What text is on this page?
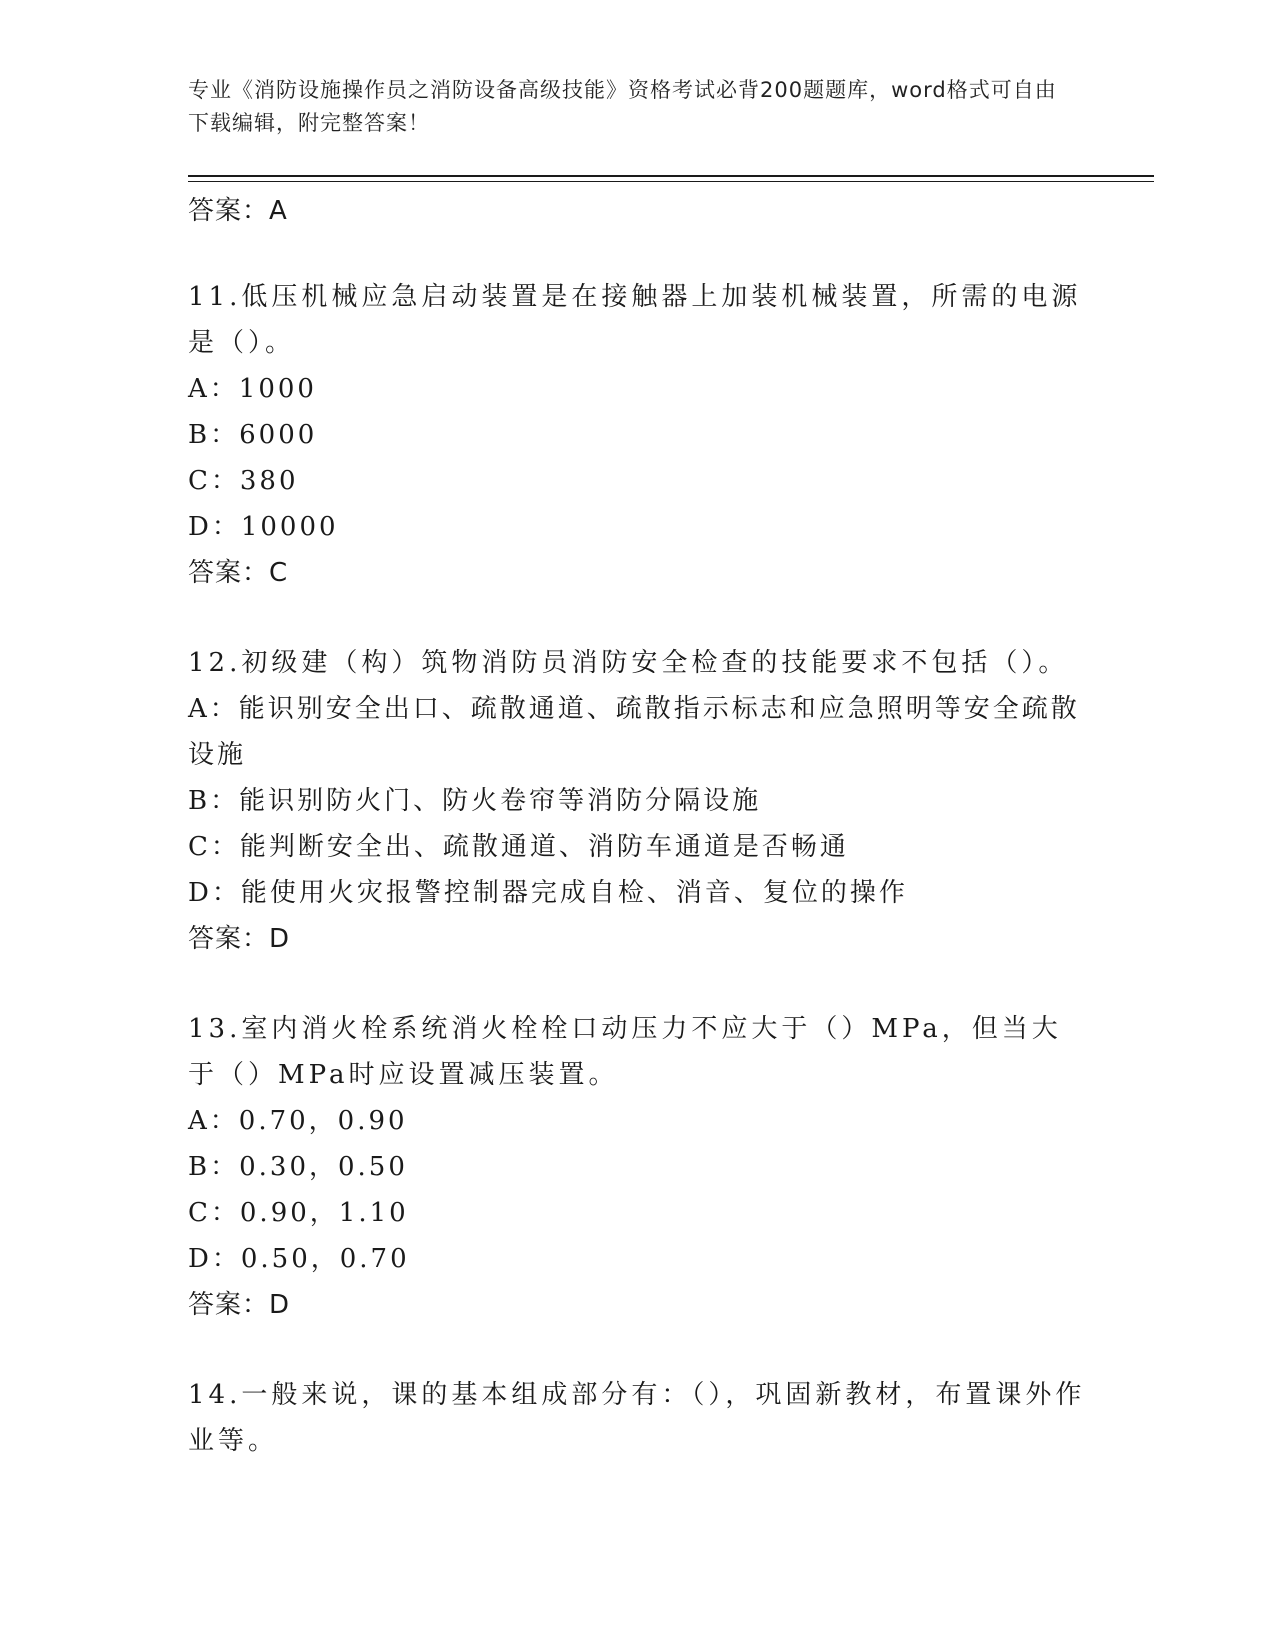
专业《消防设施操作员之消防设备高级技能》资格考试必背200题题库，word格式可自由下载编辑，附完整答案！
答案：A
11.低压机械应急启动装置是在接触器上加装机械装置，所需的电源是（）。
A：1000
B：6000
C：380
D：10000
答案：C
12.初级建（构）筑物消防员消防安全检查的技能要求不包括（）。
A：能识别安全出口、疏散通道、疏散指示标志和应急照明等安全疏散设施
B：能识别防火门、防火卷帘等消防分隔设施
C：能判断安全出、疏散通道、消防车通道是否畅通
D：能使用火灾报警控制器完成自检、消音、复位的操作
答案：D
13.室内消火栓系统消火栓栓口动压力不应大于（）MPa，但当大于（）MPa时应设置减压装置。
A：0.70，0.90
B：0.30，0.50
C：0.90，1.10
D：0.50，0.70
答案：D
14.一般来说，课的基本组成部分有：（），巩固新教材，布置课外作业等。
